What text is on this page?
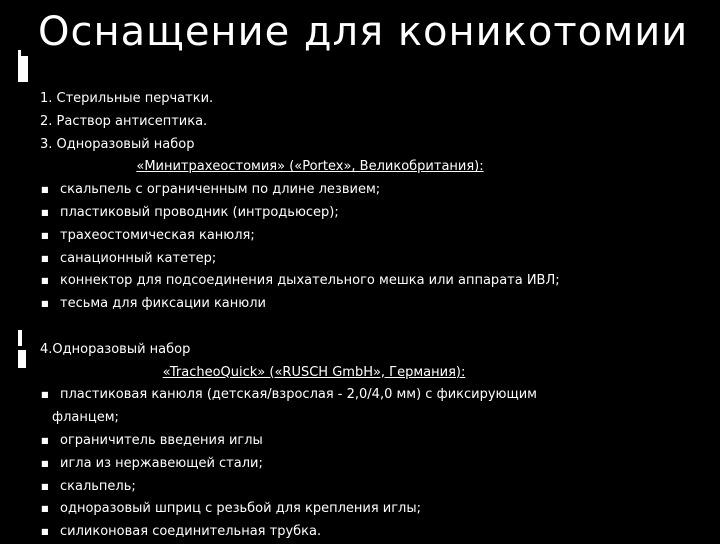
Оснащение для коникотомии
1. Стерильные перчатки.
2. Раствор антисептика.
3. Одноразовый набор
«Минитрахеостомия» («Portex», Великобритания):
■ скальпель с ограниченным по длине лезвием;
■ пластиковый проводник (интродьюсер);
■ трахеостомическая канюля;
■ санационный катетер;
■ коннектор для подсоединения дыхательного мешка или аппарата ИВЛ;
■ тесьма для фиксации канюли
4.Одноразовый набор
«TracheoQuick» («RUSCH GmbH», Германия):
■ пластиковая канюля (детская/взрослая - 2,0/4,0 мм) с фиксирующим
фланцем;
■ ограничитель введения иглы
■ игла из нержавеющей стали;
■ скальпель;
■ одноразовый шприц с резьбой для крепления иглы;
■ силиконовая соединительная трубка.
